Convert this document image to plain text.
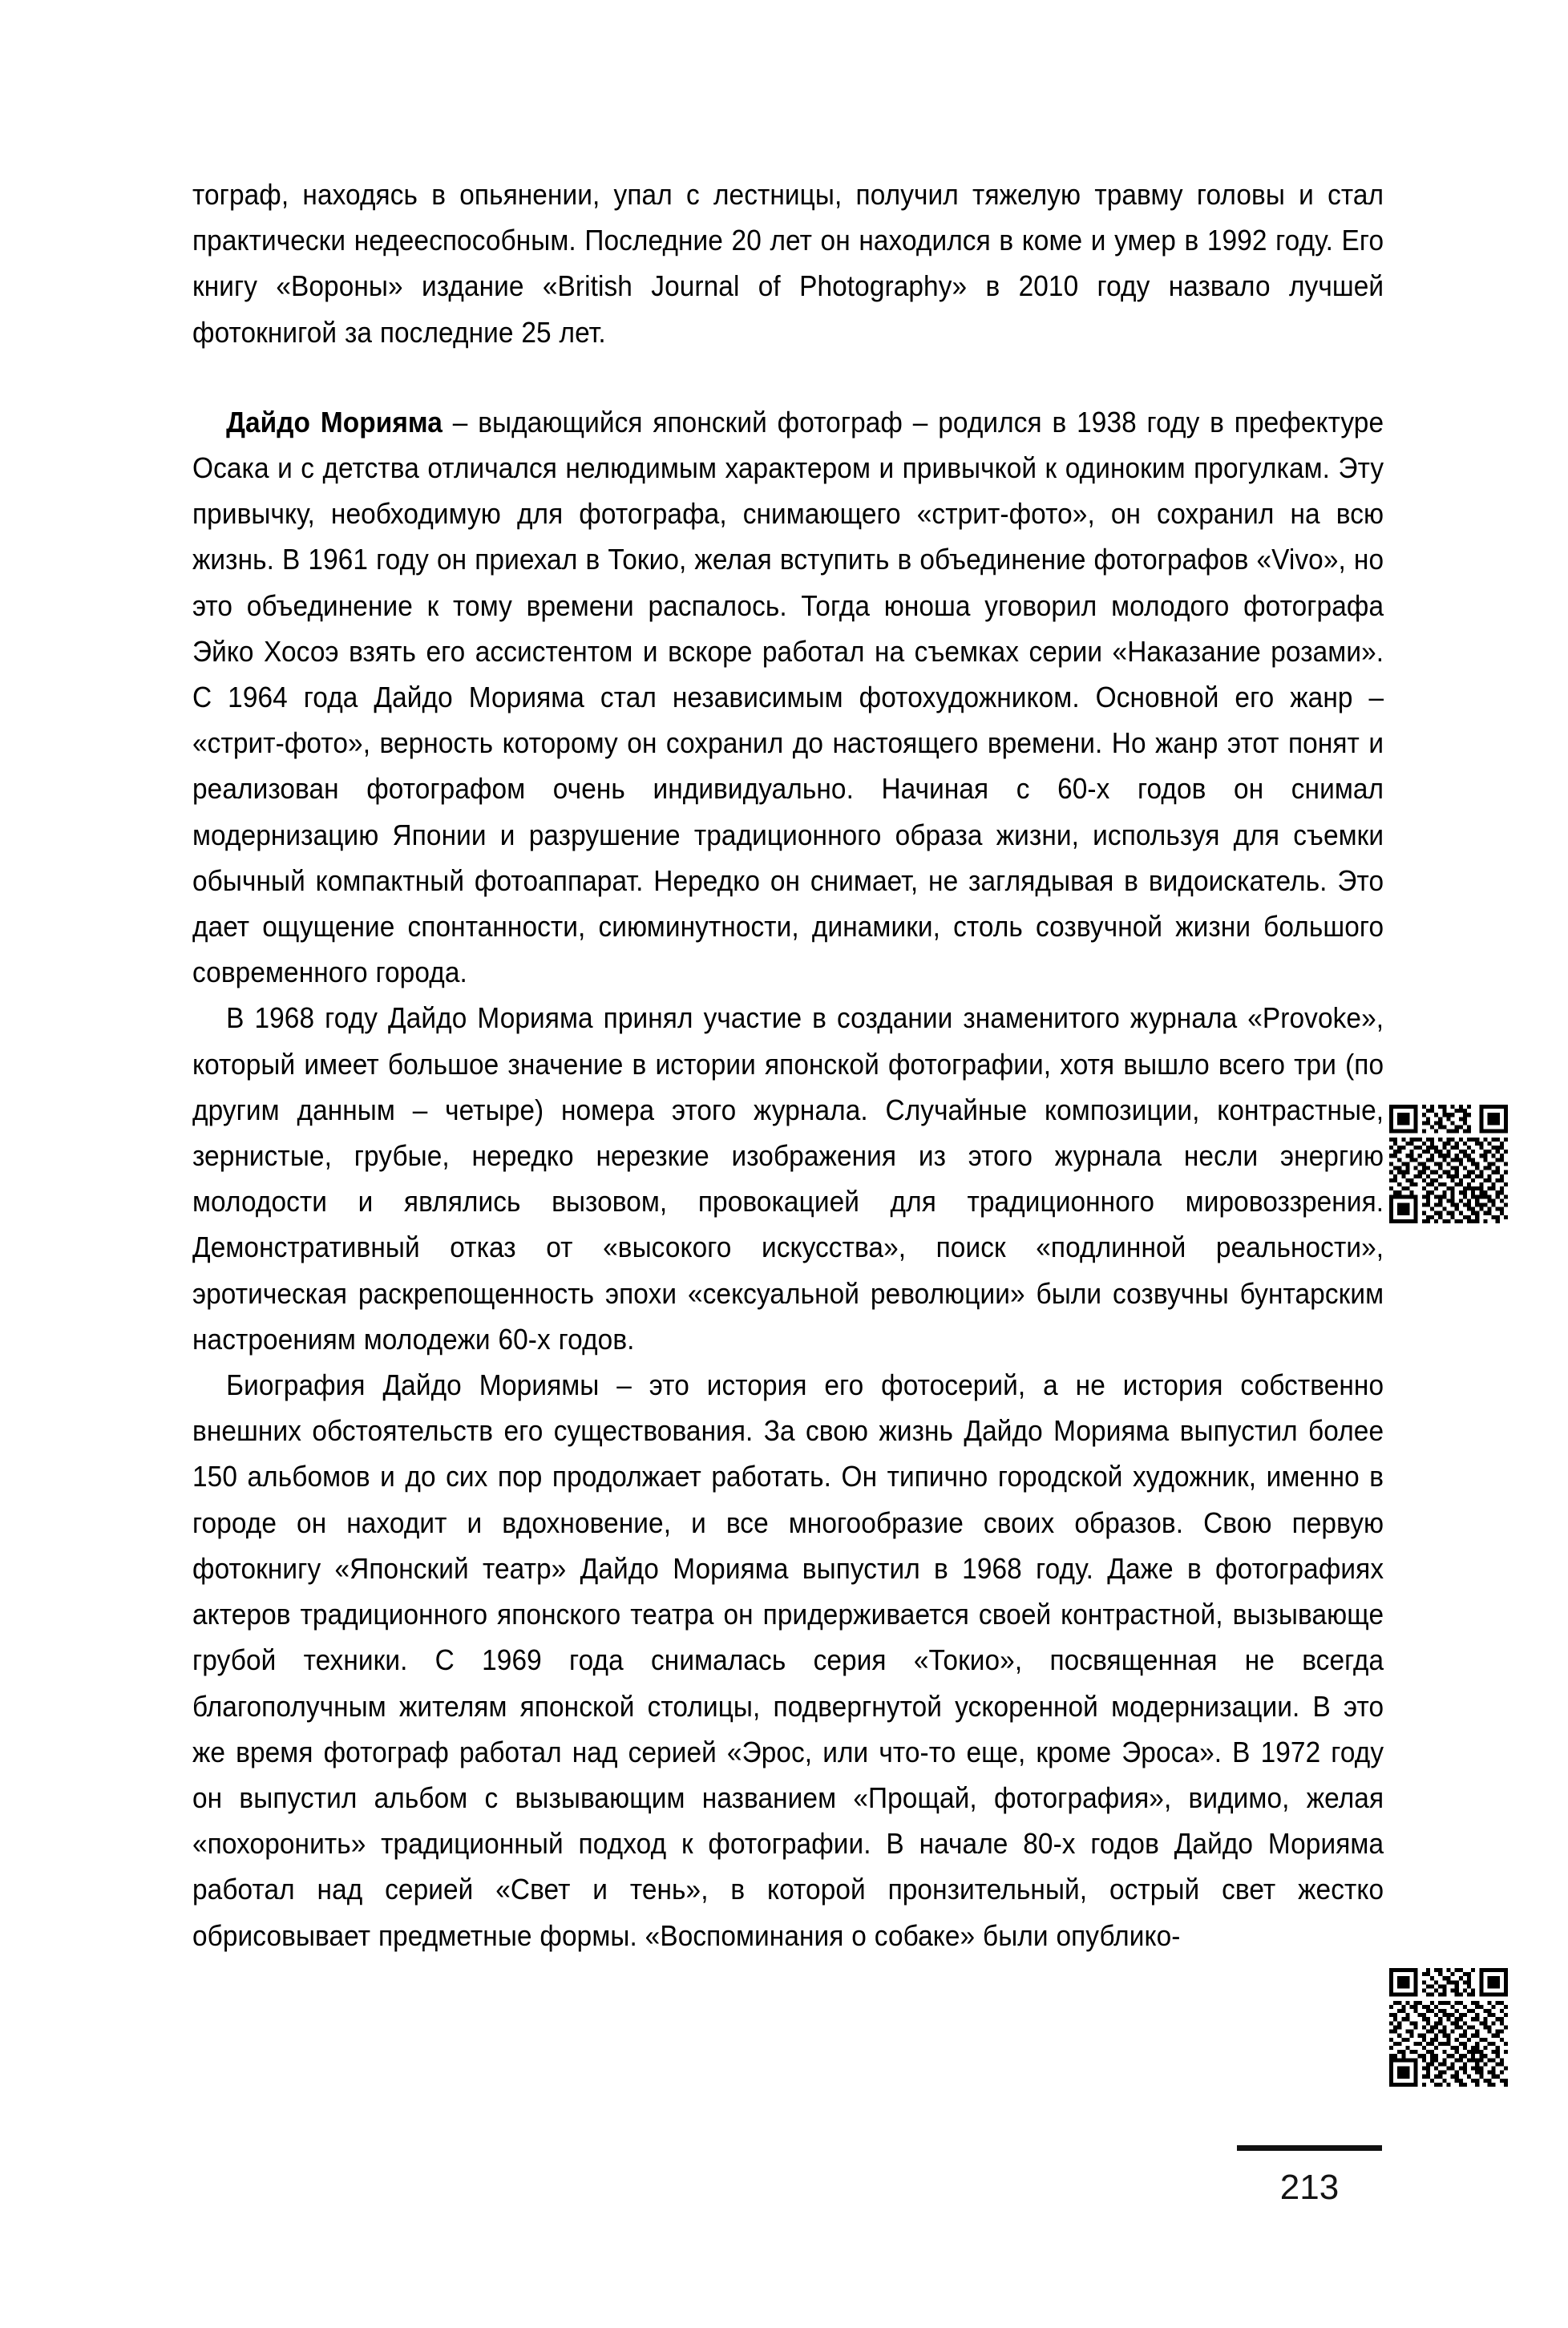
тограф, находясь в опьянении, упал с лестницы, получил тяжелую травму головы и стал практически недееспособным. Последние 20 лет он находился в коме и умер в 1992 году. Его книгу «Вороны» издание «British Journal of Photography» в 2010 году назвало лучшей фотокнигой за последние 25 лет.

Дайдо Морияма – выдающийся японский фотограф – родился в 1938 году в префектуре Осака и с детства отличался нелюдимым характером и привычкой к одиноким прогулкам. Эту привычку, необходимую для фотографа, снимающего «стрит-фото», он сохранил на всю жизнь. В 1961 году он приехал в Токио, желая вступить в объединение фотографов «Vivo», но это объединение к тому времени распалось. Тогда юноша уговорил молодого фотографа Эйко Хосоэ взять его ассистентом и вскоре работал на съемках серии «Наказание розами». С 1964 года Дайдо Морияма стал независимым фотохудожником. Основной его жанр – «стрит-фото», верность которому он сохранил до настоящего времени. Но жанр этот понят и реализован фотографом очень индивидуально. Начиная с 60-х годов он снимал модернизацию Японии и разрушение традиционного образа жизни, используя для съемки обычный компактный фотоаппарат. Нередко он снимает, не заглядывая в видоискатель. Это дает ощущение спонтанности, сиюминутности, динамики, столь созвучной жизни большого современного города.

В 1968 году Дайдо Морияма принял участие в создании знаменитого журнала «Provoke», который имеет большое значение в истории японской фотографии, хотя вышло всего три (по другим данным – четыре) номера этого журнала. Случайные композиции, контрастные, зернистые, грубые, нередко нерезкие изображения из этого журнала несли энергию молодости и являлись вызовом, провокацией для традиционного мировоззрения. Демонстративный отказ от «высокого искусства», поиск «подлинной реальности», эротическая раскрепощенность эпохи «сексуальной революции» были созвучны бунтарским настроениям молодежи 60-х годов.

Биография Дайдо Мориямы – это история его фотосерий, а не история собственно внешних обстоятельств его существования. За свою жизнь Дайдо Морияма выпустил более 150 альбомов и до сих пор продолжает работать. Он типично городской художник, именно в городе он находит и вдохновение, и все многообразие своих образов. Свою первую фотокнигу «Японский театр» Дайдо Морияма выпустил в 1968 году. Даже в фотографиях актеров традиционного японского театра он придерживается своей контрастной, вызывающе грубой техники. С 1969 года снималась серия «Токио», посвященная не всегда благополучным жителям японской столицы, подвергнутой ускоренной модернизации. В это же время фотограф работал над серией «Эрос, или что-то еще, кроме Эроса». В 1972 году он выпустил альбом с вызывающим названием «Прощай, фотография», видимо, желая «похоронить» традиционный подход к фотографии. В начале 80-х годов Дайдо Морияма работал над серией «Свет и тень», в которой пронзительный, острый свет жестко обрисовывает предметные формы. «Воспоминания о собаке» были опублико-

213
